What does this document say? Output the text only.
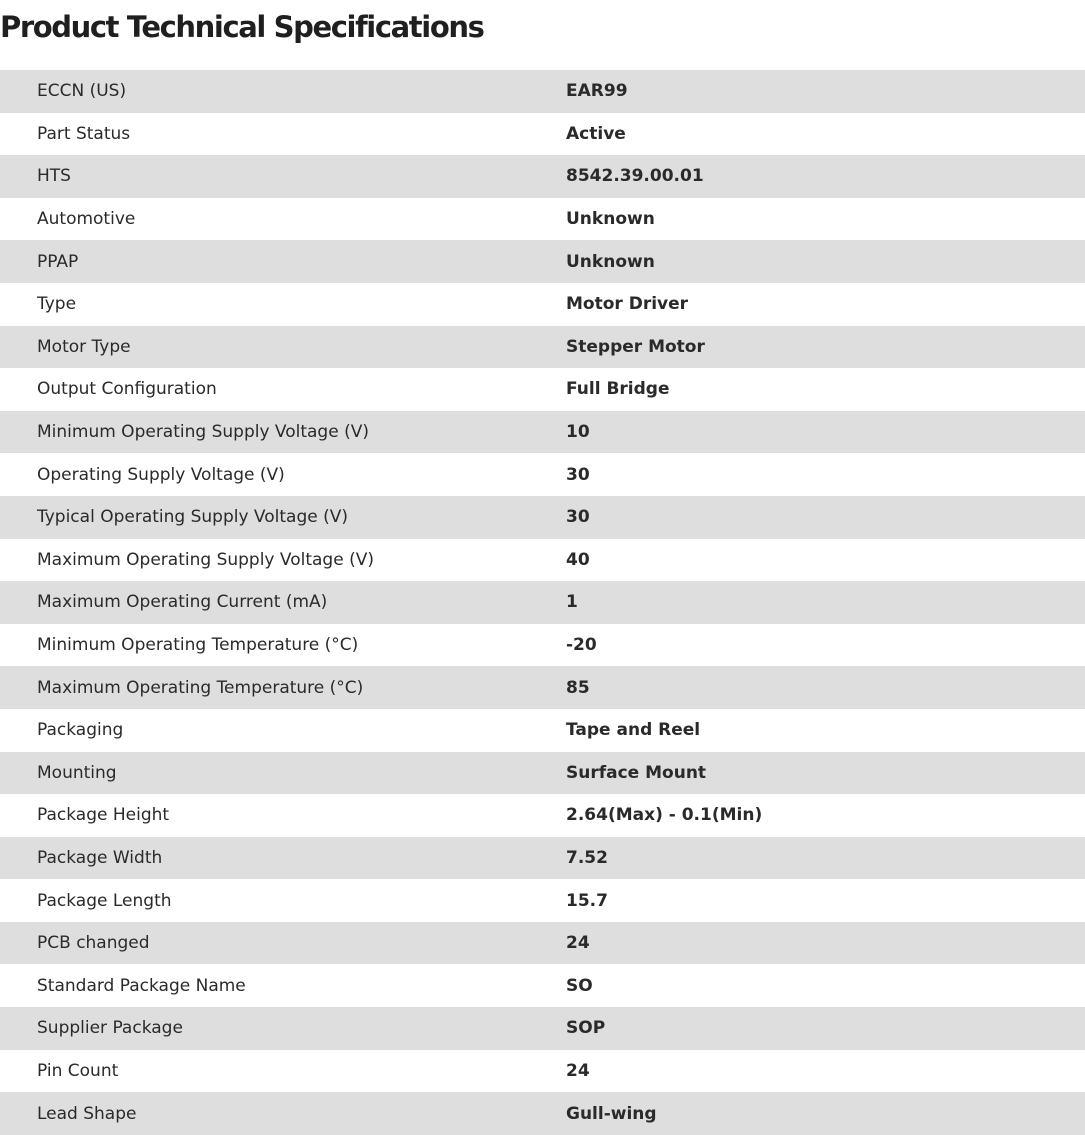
Product Technical Specifications
ECCN (US)	EAR99
Part Status	Active
HTS	8542.39.00.01
Automotive	Unknown
PPAP	Unknown
Type	Motor Driver
Motor Type	Stepper Motor
Output Configuration	Full Bridge
Minimum Operating Supply Voltage (V)	10
Operating Supply Voltage (V)	30
Typical Operating Supply Voltage (V)	30
Maximum Operating Supply Voltage (V)	40
Maximum Operating Current (mA)	1
Minimum Operating Temperature (°C)	-20
Maximum Operating Temperature (°C)	85
Packaging	Tape and Reel
Mounting	Surface Mount
Package Height	2.64(Max) - 0.1(Min)
Package Width	7.52
Package Length	15.7
PCB changed	24
Standard Package Name	SO
Supplier Package	SOP
Pin Count	24
Lead Shape	Gull-wing
